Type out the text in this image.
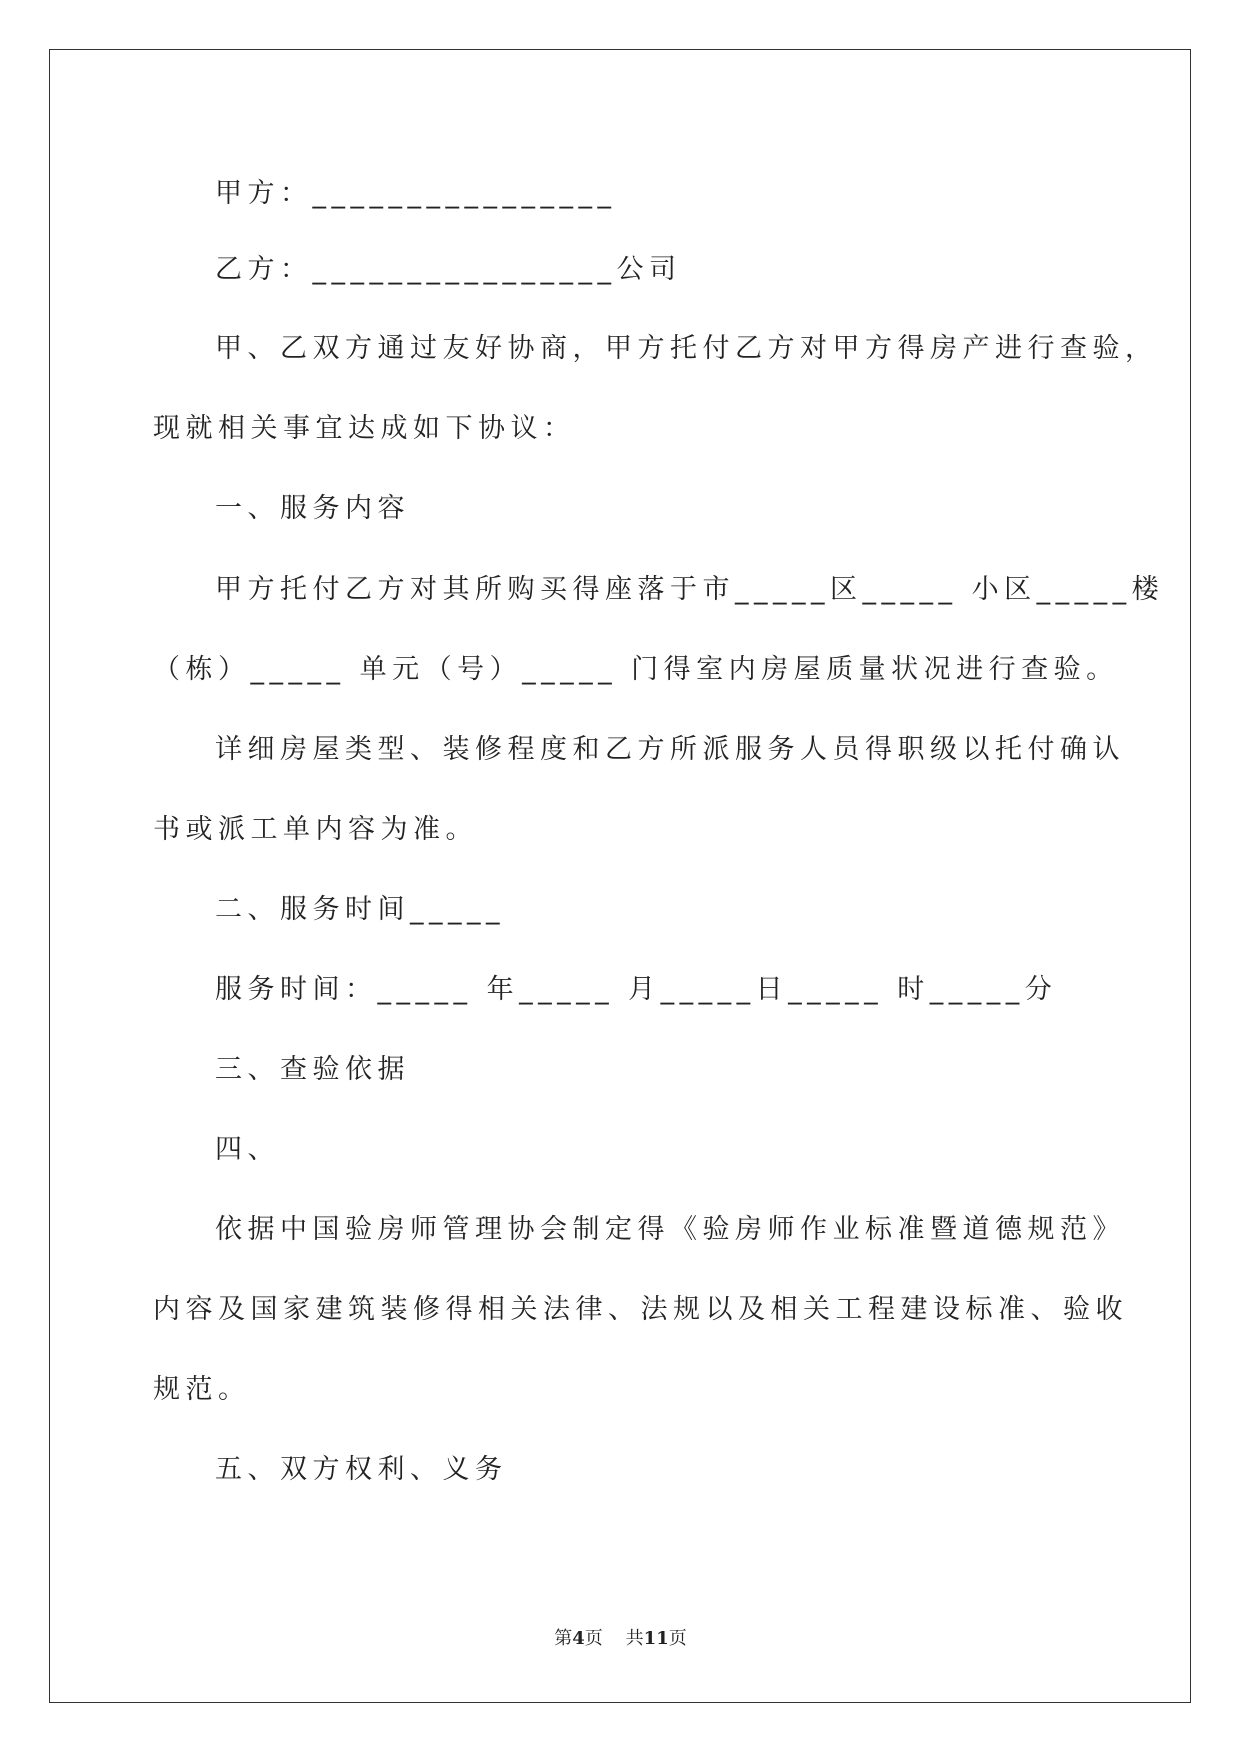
甲方：________________

乙方：________________公司

甲、乙双方通过友好协商，甲方托付乙方对甲方得房产进行查验，

现就相关事宜达成如下协议：

一、服务内容

甲方托付乙方对其所购买得座落于市_____区_____ 小区_____楼

（栋）_____ 单元（号）_____ 门得室内房屋质量状况进行查验。

详细房屋类型、装修程度和乙方所派服务人员得职级以托付确认

书或派工单内容为准。

二、服务时间_____

服务时间：_____ 年_____ 月_____日_____ 时_____分

三、查验依据

四、

依据中国验房师管理协会制定得《验房师作业标准暨道德规范》

内容及国家建筑装修得相关法律、法规以及相关工程建设标准、验收

规范。

五、双方权利、义务

第4页 共11页
